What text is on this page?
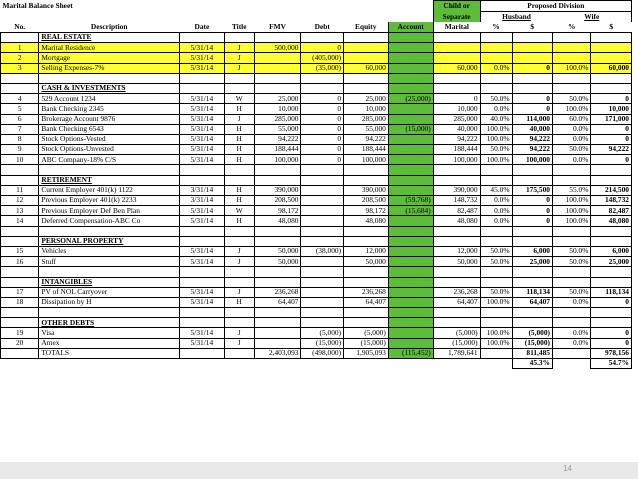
Marital Balance Sheet								Child or	Proposed Division			
								Separate	Husband		Wife	
No.	Description	Date	Title	FMV	Debt	Equity	Account	Marital	%	$	%	$
	REAL ESTATE											
1	Marital Residence	5/31/14	J	500,000	0							
2	Mortgage	5/31/14	J		(405,000)							
3	Selling Expenses-7%	5/31/14	J		(35,000)	60,000		60,000	0.0%	0	100.0%	60,000

	CASH & INVESTMENTS											
4	529 Account 1234	5/31/14	W	25,000	0	25,000	(25,000)	0	50.0%	0	50.0%	0
5	Bank Checking 2345	5/31/14	H	10,000	0	10,000		10,000	0.0%	0	100.0%	10,000
6	Brokerage Account 9876	5/31/14	J	285,000	0	285,000		285,000	40.0%	114,000	60.0%	171,000
7	Bank Checking 6543	5/31/14	H	55,000	0	55,000	(15,000)	40,000	100.0%	40,000	0.0%	0
8	Stock Options-Vested	5/31/14	H	94,222	0	94,222		94,222	100.0%	94,222	0.0%	0
9	Stock Options-Unvested	5/31/14	H	188,444	0	188,444		188,444	50.0%	94,222	50.0%	94,222
10	ABC Company-18% C/S	5/31/14	H	100,000	0	100,000		100,000	100.0%	100,000	0.0%	0

	RETIREMENT											
11	Current Employer 401(k) 1122	3/31/14	H	390,000		390,000		390,000	45.0%	175,500	55.0%	214,500
12	Previous Employer 401(k) 2233	3/31/14	H	208,500		208,500	(59,768)	148,732	0.0%	0	100.0%	148,732
13	Previous Employer Def Ben Plan	5/31/14	W	98,172		98,172	(15,684)	82,487	0.0%	0	100.0%	82,487
14	Deferred Compensation-ABC Co	5/31/14	H	48,080		48,080		48,080	0.0%	0	100.0%	48,080

	PERSONAL PROPERTY											
15	Vehicles	5/31/14	J	50,000	(38,000)	12,000		12,000	50.0%	6,000	50.0%	6,000
16	Stuff	5/31/14	J	50,000		50,000		50,000	50.0%	25,000	50.0%	25,000

	INTANGIBLES											
17	PV of NOL Carryover	5/31/14	J	236,268		236,268		236,268	50.0%	118,134	50.0%	118,134
18	Dissipation by H	5/31/14	H	64,407		64,407		64,407	100.0%	64,407	0.0%	0

	OTHER DEBTS											
19	Visa	5/31/14	J		(5,000)	(5,000)		(5,000)	100.0%	(5,000)	0.0%	0
20	Amex	5/31/14	J		(15,000)	(15,000)		(15,000)	100.0%	(15,000)	0.0%	0
	TOTALS			2,403,093	(498,000)	1,905,093	(115,452)	1,789,641		811,485		978,156
										45.3%		54.7%
14
